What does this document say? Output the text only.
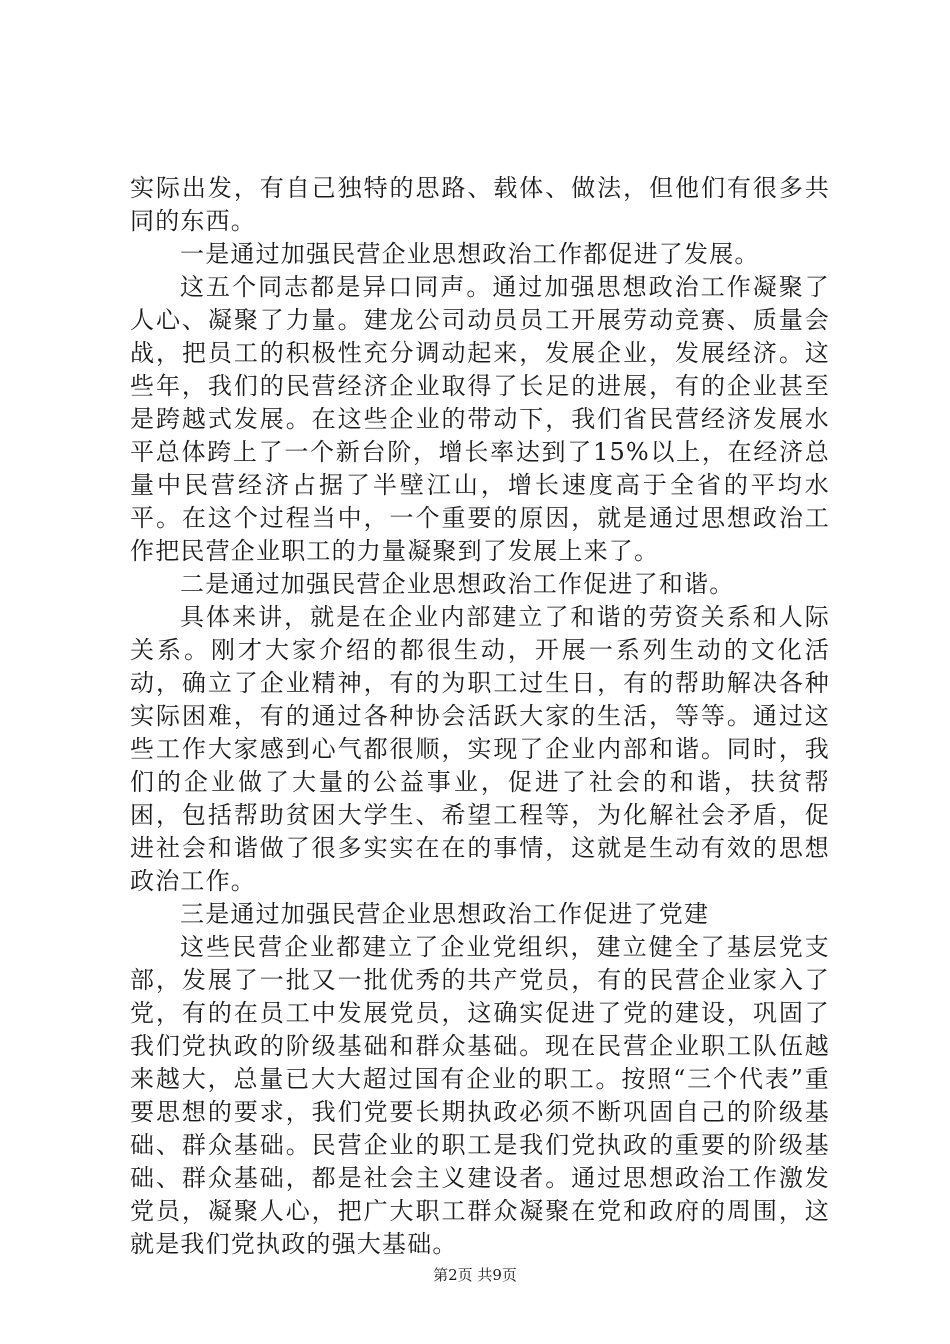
实际出发，有自己独特的思路、载体、做法，但他们有很多共同的东西。

一是通过加强民营企业思想政治工作都促进了发展。

这五个同志都是异口同声。通过加强思想政治工作凝聚了人心、凝聚了力量。建龙公司动员员工开展劳动竞赛、质量会战，把员工的积极性充分调动起来，发展企业，发展经济。这些年，我们的民营经济企业取得了长足的进展，有的企业甚至是跨越式发展。在这些企业的带动下，我们省民营经济发展水平总体跨上了一个新台阶，增长率达到了15%以上，在经济总量中民营经济占据了半壁江山，增长速度高于全省的平均水平。在这个过程当中，一个重要的原因，就是通过思想政治工作把民营企业职工的力量凝聚到了发展上来了。

二是通过加强民营企业思想政治工作促进了和谐。

具体来讲，就是在企业内部建立了和谐的劳资关系和人际关系。刚才大家介绍的都很生动，开展一系列生动的文化活动，确立了企业精神，有的为职工过生日，有的帮助解决各种实际困难，有的通过各种协会活跃大家的生活，等等。通过这些工作大家感到心气都很顺，实现了企业内部和谐。同时，我们的企业做了大量的公益事业，促进了社会的和谐，扶贫帮困，包括帮助贫困大学生、希望工程等，为化解社会矛盾，促进社会和谐做了很多实实在在的事情，这就是生动有效的思想政治工作。

三是通过加强民营企业思想政治工作促进了党建

这些民营企业都建立了企业党组织，建立健全了基层党支部，发展了一批又一批优秀的共产党员，有的民营企业家入了党，有的在员工中发展党员，这确实促进了党的建设，巩固了我们党执政的阶级基础和群众基础。现在民营企业职工队伍越来越大，总量已大大超过国有企业的职工。按照“三个代表”重要思想的要求，我们党要长期执政必须不断巩固自己的阶级基础、群众基础。民营企业的职工是我们党执政的重要的阶级基础、群众基础，都是社会主义建设者。通过思想政治工作激发党员，凝聚人心，把广大职工群众凝聚在党和政府的周围，这就是我们党执政的强大基础。

第2页 共9页
